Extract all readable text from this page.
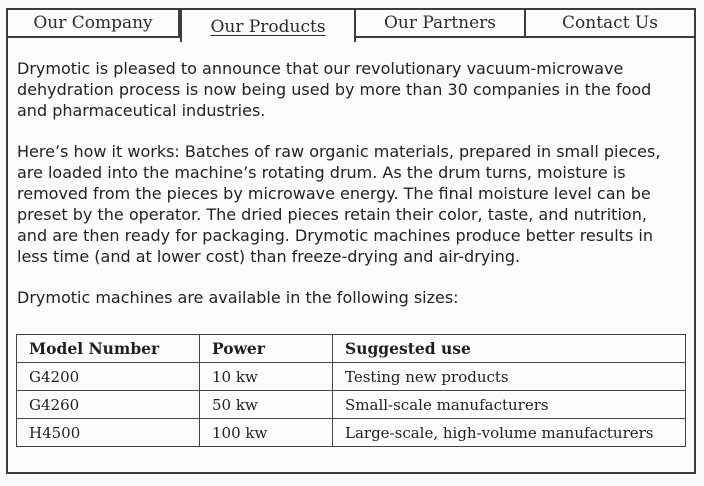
Our Company	Our Products	Our Partners	Contact Us

Drymotic is pleased to announce that our revolutionary vacuum-microwave dehydration process is now being used by more than 30 companies in the food and pharmaceutical industries.

Here’s how it works: Batches of raw organic materials, prepared in small pieces, are loaded into the machine’s rotating drum. As the drum turns, moisture is removed from the pieces by microwave energy. The final moisture level can be preset by the operator. The dried pieces retain their color, taste, and nutrition, and are then ready for packaging. Drymotic machines produce better results in less time (and at lower cost) than freeze-drying and air-drying.

Drymotic machines are available in the following sizes:

Model Number	Power	Suggested use
G4200	10 kw	Testing new products
G4260	50 kw	Small-scale manufacturers
H4500	100 kw	Large-scale, high-volume manufacturers
